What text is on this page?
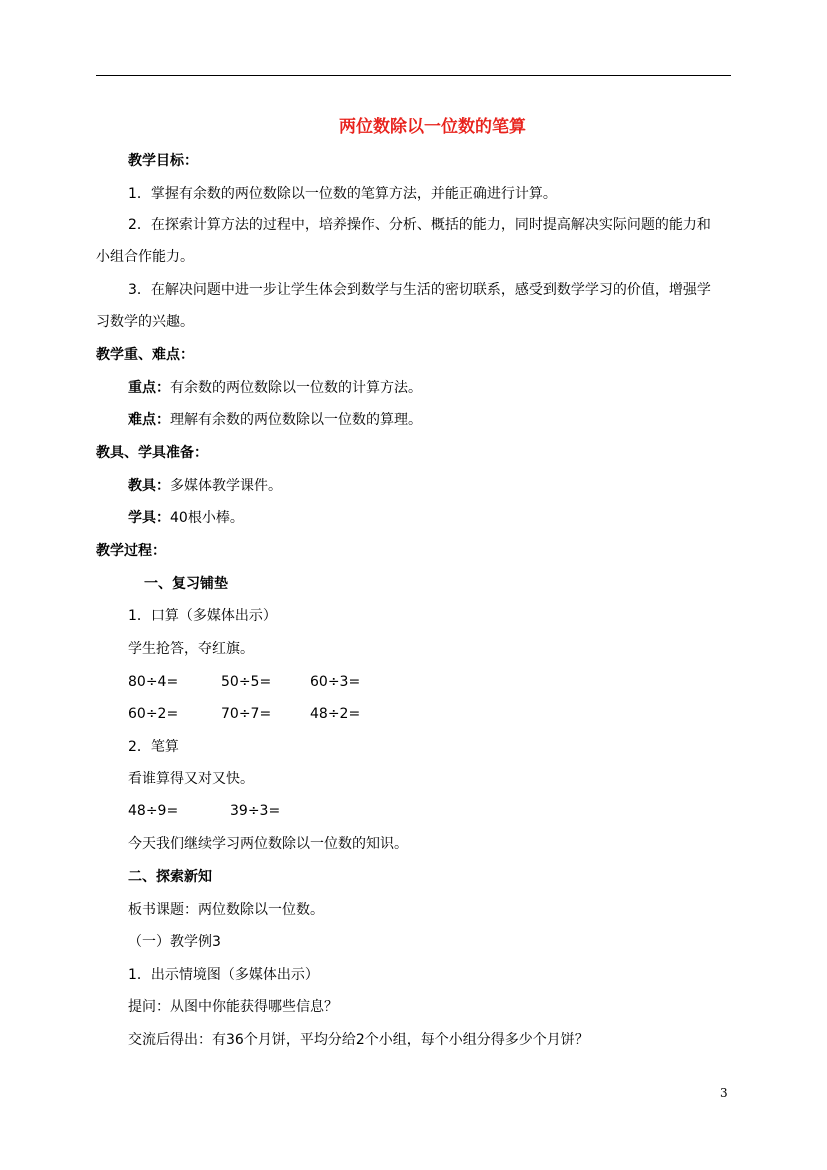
两位数除以一位数的笔算
教学目标：
1．掌握有余数的两位数除以一位数的笔算方法，并能正确进行计算。
2．在探索计算方法的过程中，培养操作、分析、概括的能力，同时提高解决实际问题的能力和
小组合作能力。
3．在解决问题中进一步让学生体会到数学与生活的密切联系，感受到数学学习的价值，增强学
习数学的兴趣。
教学重、难点：
重点：有余数的两位数除以一位数的计算方法。
难点：理解有余数的两位数除以一位数的算理。
教具、学具准备：
教具：多媒体教学课件。
学具：40根小棒。
教学过程：
一、复习铺垫
1．口算（多媒体出示）
学生抢答，夺红旗。
80÷4=	50÷5=	60÷3=
60÷2=	70÷7=	48÷2=
2．笔算
看谁算得又对又快。
48÷9=	39÷3=
今天我们继续学习两位数除以一位数的知识。
二、探索新知
板书课题：两位数除以一位数。
（一）教学例3
1．出示情境图（多媒体出示）
提问：从图中你能获得哪些信息？
交流后得出：有36个月饼，平均分给2个小组，每个小组分得多少个月饼？
3
